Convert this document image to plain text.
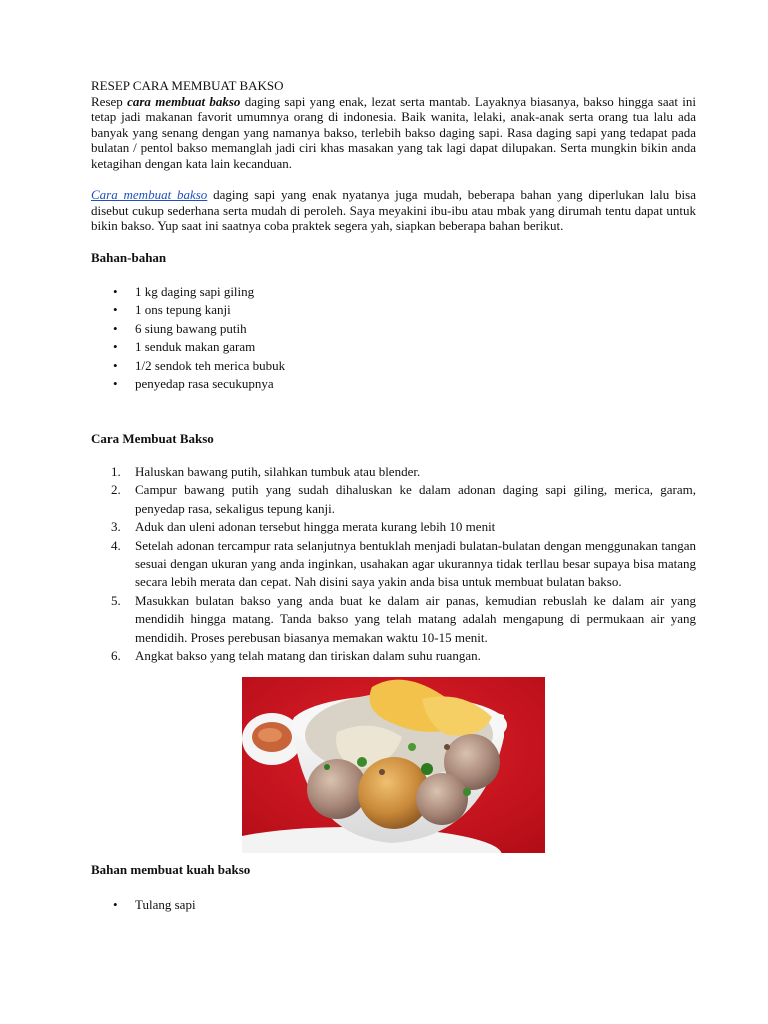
RESEP CARA MEMBUAT BAKSO

Resep cara membuat bakso daging sapi yang enak, lezat serta mantab. Layaknya biasanya, bakso hingga saat ini tetap jadi makanan favorit umumnya orang di indonesia. Baik wanita, lelaki, anak-anak serta orang tua lalu ada banyak yang senang dengan yang namanya bakso, terlebih bakso daging sapi. Rasa daging sapi yang tedapat pada bulatan / pentol bakso memanglah jadi ciri khas masakan yang tak lagi dapat dilupakan. Serta mungkin bikin anda ketagihan dengan kata lain kecanduan.

Cara membuat bakso daging sapi yang enak nyatanya juga mudah, beberapa bahan yang diperlukan lalu bisa disebut cukup sederhana serta mudah di peroleh. Saya meyakini ibu-ibu atau mbak yang dirumah tentu dapat untuk bikin bakso. Yup saat ini saatnya coba praktek segera yah, siapkan beberapa bahan berikut.

Bahan-bahan
• 1 kg daging sapi giling
• 1 ons tepung kanji
• 6 siung bawang putih
• 1 senduk makan garam
• 1/2 sendok teh merica bubuk
• penyedap rasa secukupnya
Cara Membuat Bakso
1. Haluskan bawang putih, silahkan tumbuk atau blender.
2. Campur bawang putih yang sudah dihaluskan ke dalam adonan daging sapi giling, merica, garam, penyedap rasa, sekaligus tepung kanji.
3. Aduk dan uleni adonan tersebut hingga merata kurang lebih 10 menit
4. Setelah adonan tercampur rata selanjutnya bentuklah menjadi bulatan-bulatan dengan menggunakan tangan sesuai dengan ukuran yang anda inginkan, usahakan agar ukurannya tidak terllau besar supaya bisa matang secara lebih merata dan cepat. Nah disini saya yakin anda bisa untuk membuat bulatan bakso.
5. Masukkan bulatan bakso yang anda buat ke dalam air panas, kemudian rebuslah ke dalam air yang mendidih hingga matang. Tanda bakso yang telah matang adalah mengapung di permukaan air yang mendidih. Proses perebusan biasanya memakan waktu 10-15 menit.
6. Angkat bakso yang telah matang dan tiriskan dalam suhu ruangan.
Bahan membuat kuah bakso
• Tulang sapi
